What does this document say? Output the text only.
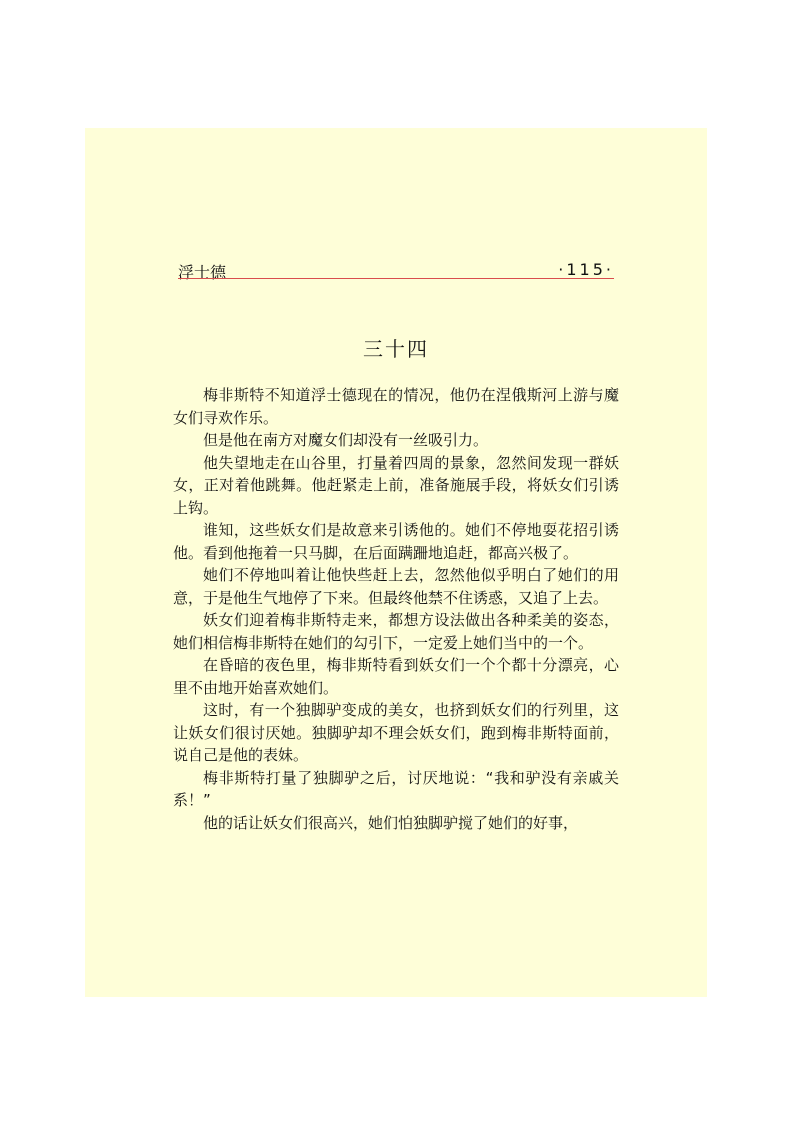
浮士德	·115·
三十四

梅非斯特不知道浮士德现在的情况，他仍在涅俄斯河上游与魔女们寻欢作乐。

但是他在南方对魔女们却没有一丝吸引力。

他失望地走在山谷里，打量着四周的景象，忽然间发现一群妖女，正对着他跳舞。他赶紧走上前，准备施展手段，将妖女们引诱上钩。

谁知，这些妖女们是故意来引诱他的。她们不停地耍花招引诱他。看到他拖着一只马脚，在后面蹒跚地追赶，都高兴极了。

她们不停地叫着让他快些赶上去，忽然他似乎明白了她们的用意，于是他生气地停了下来。但最终他禁不住诱惑，又追了上去。

妖女们迎着梅非斯特走来，都想方设法做出各种柔美的姿态，她们相信梅非斯特在她们的勾引下，一定爱上她们当中的一个。

在昏暗的夜色里，梅非斯特看到妖女们一个个都十分漂亮，心里不由地开始喜欢她们。

这时，有一个独脚驴变成的美女，也挤到妖女们的行列里，这让妖女们很讨厌她。独脚驴却不理会妖女们，跑到梅非斯特面前，说自己是他的表妹。

梅非斯特打量了独脚驴之后，讨厌地说：“我和驴没有亲戚关系！”

他的话让妖女们很高兴，她们怕独脚驴搅了她们的好事，
